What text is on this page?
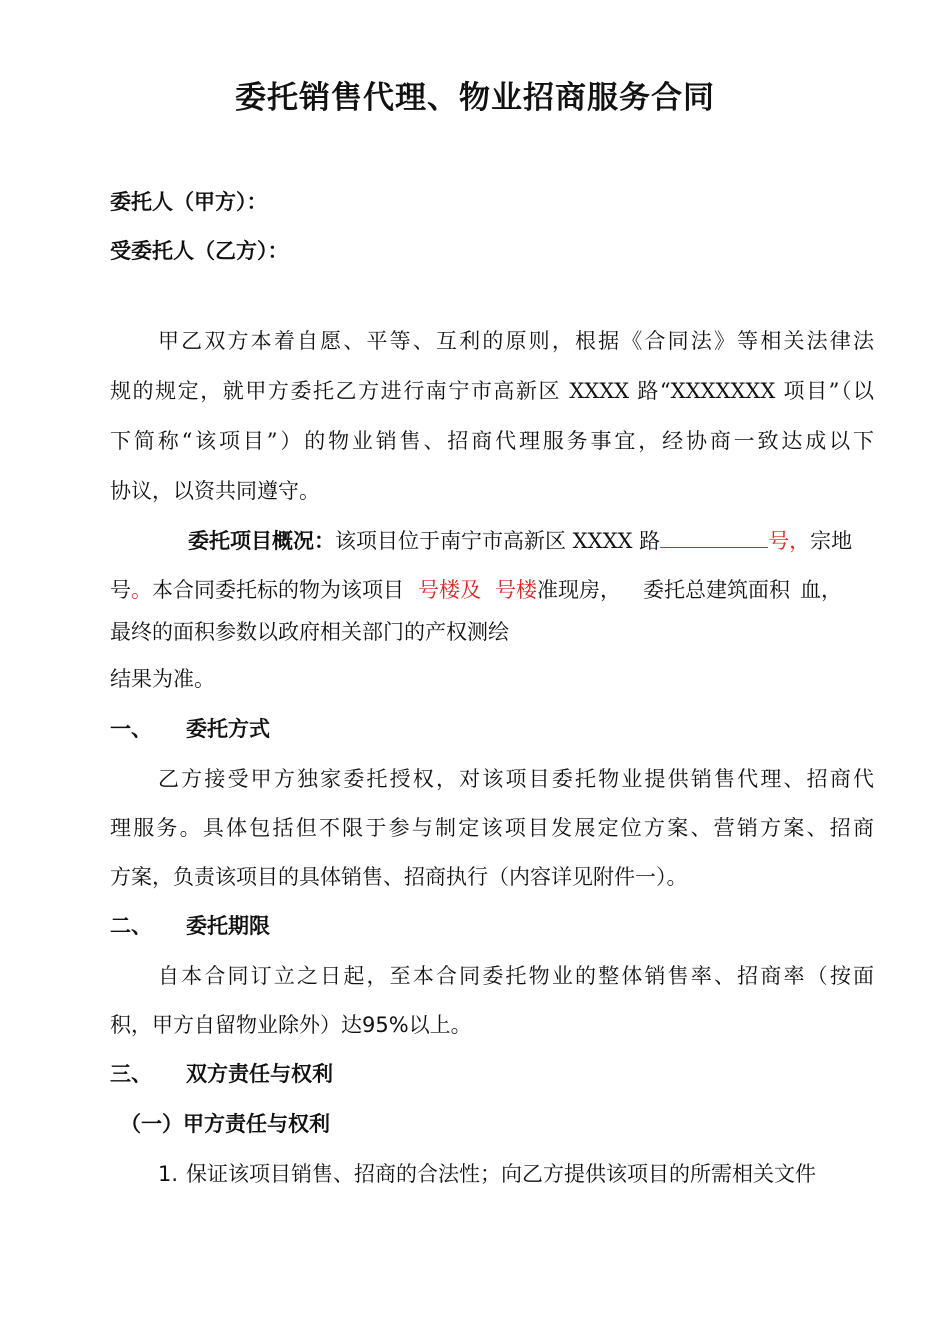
委托销售代理、物业招商服务合同
委托人（甲方）：
受委托人（乙方）：
甲乙双方本着自愿、平等、互利的原则，根据《合同法》等相关法律法
规的规定，就甲方委托乙方进行南宁市高新区 XXXX 路“XXXXXXX 项目”（以
下简称“该项目”）的物业销售、招商代理服务事宜，经协商一致达成以下
协议，以资共同遵守。
委托项目概况：该项目位于南宁市高新区 XXXX 路	号，宗地
号。本合同委托标的物为该项目 号楼及 号楼准现房， 委托总建筑面积 血，
最终的面积参数以政府相关部门的产权测绘
结果为准。
一、 委托方式
乙方接受甲方独家委托授权，对该项目委托物业提供销售代理、招商代
理服务。具体包括但不限于参与制定该项目发展定位方案、营销方案、招商
方案，负责该项目的具体销售、招商执行（内容详见附件一）。
二、 委托期限
自本合同订立之日起，至本合同委托物业的整体销售率、招商率（按面
积，甲方自留物业除外）达95%以上。
三、 双方责任与权利
（一）甲方责任与权利
1. 保证该项目销售、招商的合法性；向乙方提供该项目的所需相关文件
